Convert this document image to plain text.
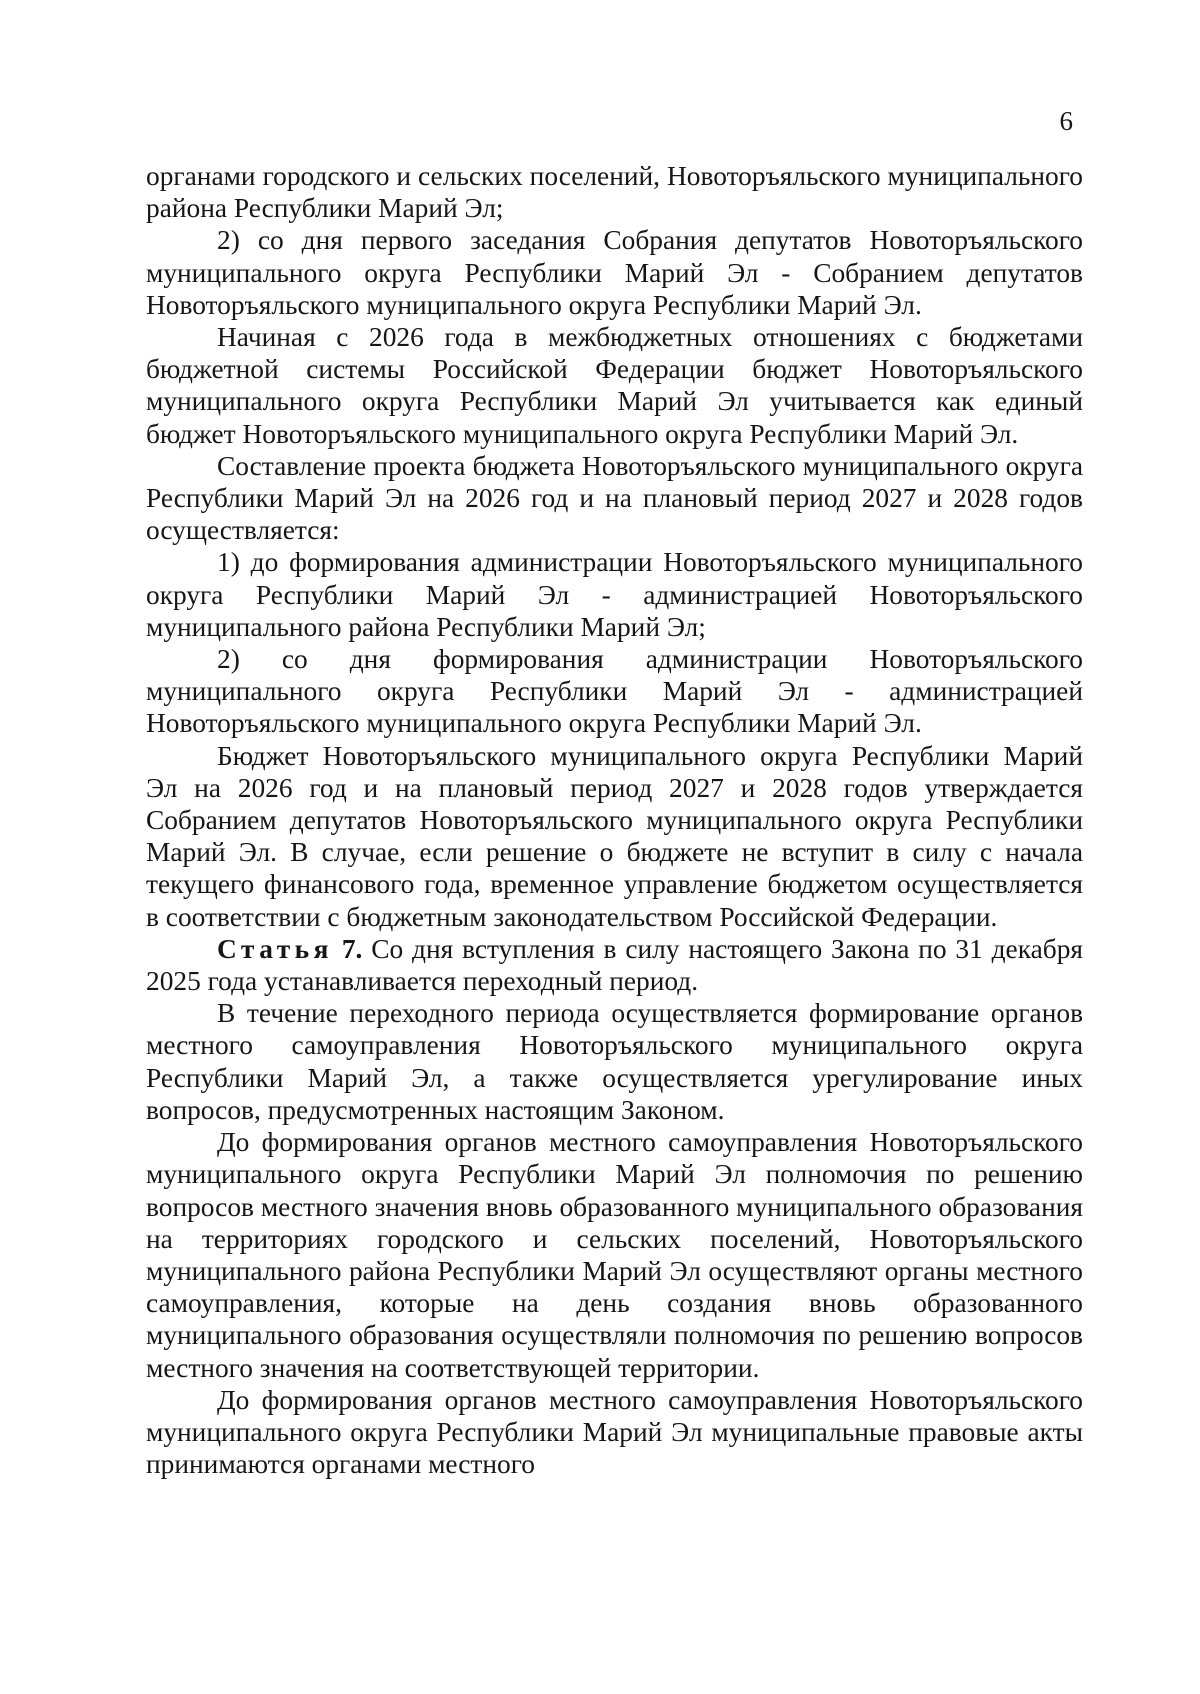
6

органами городского и сельских поселений, Новоторъяльского муниципального района Республики Марий Эл;

2) со дня первого заседания Собрания депутатов Новоторъяльского муниципального округа Республики Марий Эл - Собранием депутатов Новоторъяльского муниципального округа Республики Марий Эл.

Начиная с 2026 года в межбюджетных отношениях с бюджетами бюджетной системы Российской Федерации бюджет Новоторъяльского муниципального округа Республики Марий Эл учитывается как единый бюджет Новоторъяльского муниципального округа Республики Марий Эл.

Составление проекта бюджета Новоторъяльского муниципального округа Республики Марий Эл на 2026 год и на плановый период 2027 и 2028 годов осуществляется:

1) до формирования администрации Новоторъяльского муниципального округа Республики Марий Эл - администрацией Новоторъяльского муниципального района Республики Марий Эл;

2) со дня формирования администрации Новоторъяльского муниципального округа Республики Марий Эл - администрацией Новоторъяльского муниципального округа Республики Марий Эл.

Бюджет Новоторъяльского муниципального округа Республики Марий Эл на 2026 год и на плановый период 2027 и 2028 годов утверждается Собранием депутатов Новоторъяльского муниципального округа Республики Марий Эл. В случае, если решение о бюджете не вступит в силу с начала текущего финансового года, временное управление бюджетом осуществляется в соответствии с бюджетным законодательством Российской Федерации.

Статья 7. Со дня вступления в силу настоящего Закона по 31 декабря 2025 года устанавливается переходный период.

В течение переходного периода осуществляется формирование органов местного самоуправления Новоторъяльского муниципального округа Республики Марий Эл, а также осуществляется урегулирование иных вопросов, предусмотренных настоящим Законом.

До формирования органов местного самоуправления Новоторъяльского муниципального округа Республики Марий Эл полномочия по решению вопросов местного значения вновь образованного муниципального образования на территориях городского и сельских поселений, Новоторъяльского муниципального района Республики Марий Эл осуществляют органы местного самоуправления, которые на день создания вновь образованного муниципального образования осуществляли полномочия по решению вопросов местного значения на соответствующей территории.

До формирования органов местного самоуправления Новоторъяльского муниципального округа Республики Марий Эл муниципальные правовые акты принимаются органами местного
